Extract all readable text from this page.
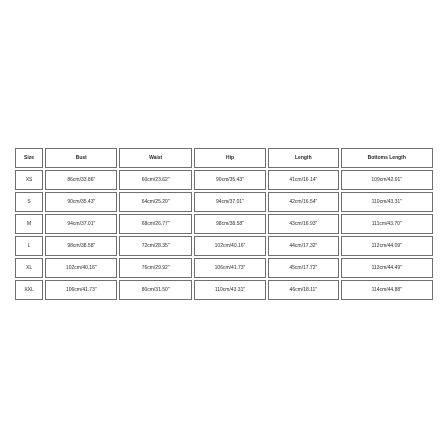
Size	Bust	Waist	Hip	Length	Bottoms Length
XS	86cm/33.86"	60cm/23.62"	90cm/35.43"	41cm/16.14"	109cm/42.91"
S	90cm/35.43"	64cm/25.20"	94cm/37.01"	42cm/16.54"	110cm/43.31"
M	94cm/37.01"	68cm/26.77"	98cm/38.58"	43cm/16.93"	111cm/43.70"
L	98cm/38.58"	72cm/28.35"	102cm/40.16"	44cm/17.32"	112cm/44.09"
XL	102cm/40.16"	76cm/29.92"	106cm/41.73"	45cm/17.72"	113cm/44.49"
XXL	106cm/41.73"	80cm/31.50"	110cm/43.31"	46cm/18.11"	114cm/44.88"
